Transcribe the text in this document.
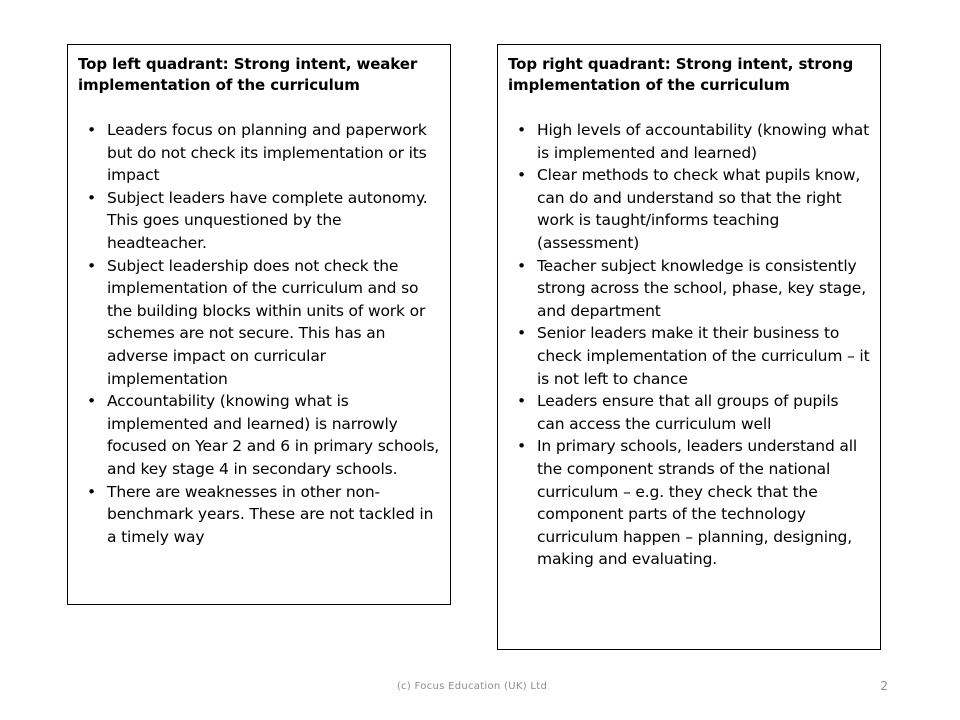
Top left quadrant: Strong intent, weaker implementation of the curriculum
• Leaders focus on planning and paperwork but do not check its implementation or its impact
• Subject leaders have complete autonomy. This goes unquestioned by the headteacher.
• Subject leadership does not check the implementation of the curriculum and so the building blocks within units of work or schemes are not secure. This has an adverse impact on curricular implementation
• Accountability (knowing what is implemented and learned) is narrowly focused on Year 2 and 6 in primary schools, and key stage 4 in secondary schools.
• There are weaknesses in other non-benchmark years. These are not tackled in a timely way
Top right quadrant: Strong intent, strong implementation of the curriculum
• High levels of accountability (knowing what is implemented and learned)
• Clear methods to check what pupils know, can do and understand so that the right work is taught/informs teaching (assessment)
• Teacher subject knowledge is consistently strong across the school, phase, key stage, and department
• Senior leaders make it their business to check implementation of the curriculum – it is not left to chance
• Leaders ensure that all groups of pupils can access the curriculum well
• In primary schools, leaders understand all the component strands of the national curriculum – e.g. they check that the component parts of the technology curriculum happen – planning, designing, making and evaluating.
(c) Focus Education (UK) Ltd	2
